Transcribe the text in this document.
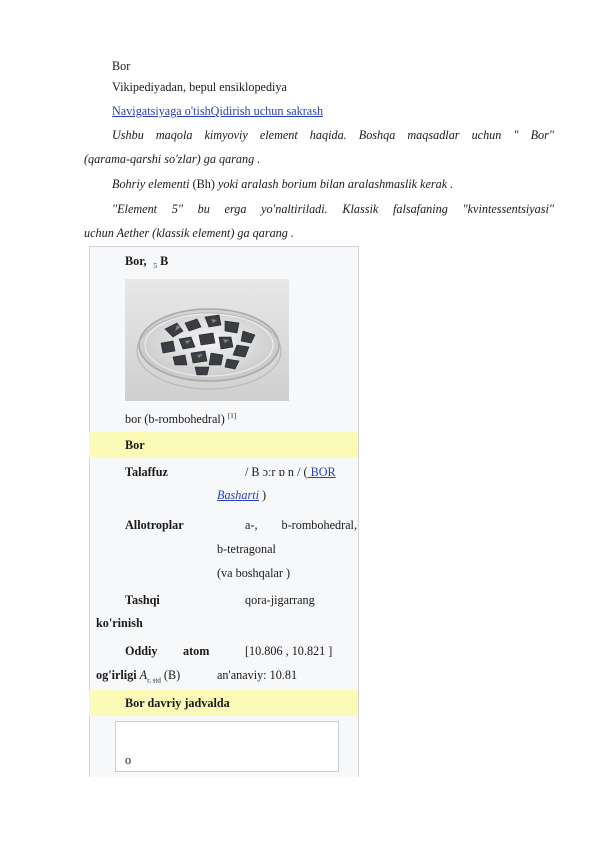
Bor
Vikipediyadan, bepul ensiklopediya
Navigatsiyaga o'tishQidirish uchun sakrash
Ushbu maqola kimyoviy element haqida. Boshqa maqsadlar uchun " Bor"
(qarama-qarshi so'zlar) ga qarang .
Bohriy elementi (Bh) yoki aralash borium bilan aralashmaslik kerak .
"Element 5" bu erga yo'naltiriladi. Klassik falsafaning "kvintessentsiyasi"
uchun Aether (klassik element) ga qarang .
Bor, $_5$ B
bor (b-rombohedral) [1]
Bor
Talaffuz	/ B ɔːr ɒ n / ( BOR
Basharti )
Allotroplar	a-, b-rombohedral,
b-tetragonal
(va boshqalar )
Tashqi
ko'rinish
qora-jigarrang
Oddiy atom
og'irligi $A_{r, std}$ (B)
[10.806 , 10.821 ]
an'anaviy: 10.81
Bor davriy jadvalda
o
